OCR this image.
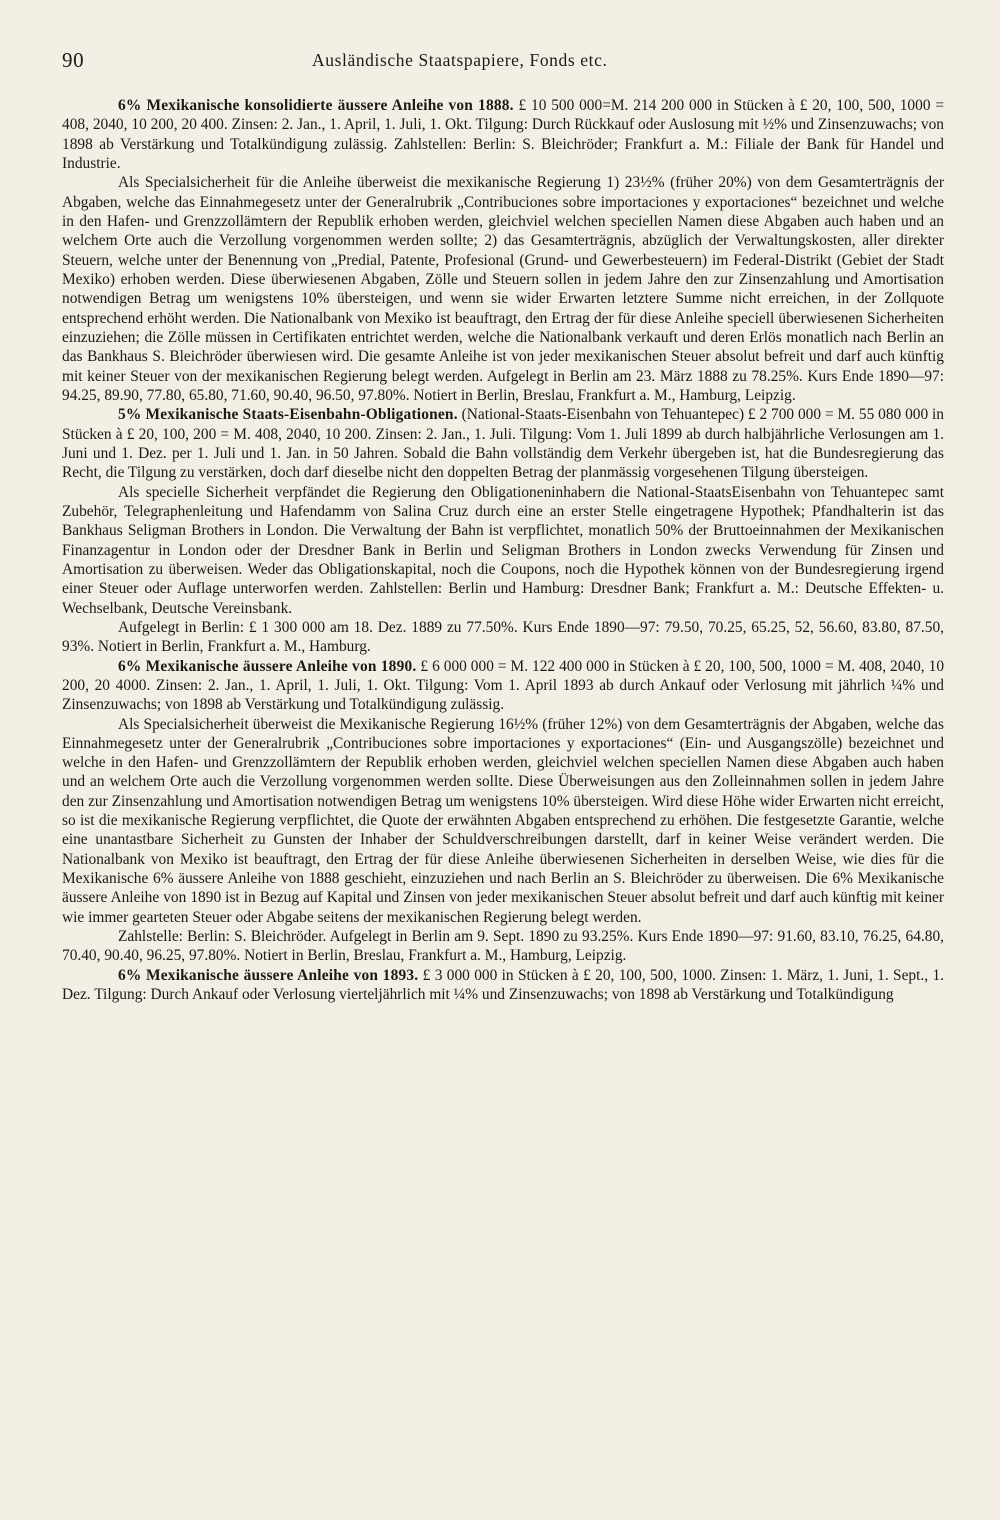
90	Ausländische Staatspapiere, Fonds etc.

6% Mexikanische konsolidierte äussere Anleihe von 1888. £ 10 500 000=M. 214 200 000 in Stücken à £ 20, 100, 500, 1000 = 408, 2040, 10 200, 20 400. Zinsen: 2. Jan., 1. April, 1. Juli, 1. Okt. Tilgung: Durch Rückkauf oder Auslosung mit ½% und Zinsenzuwachs; von 1898 ab Verstärkung und Totalkündigung zulässig. Zahlstellen: Berlin: S. Bleichröder; Frankfurt a. M.: Filiale der Bank für Handel und Industrie.

Als Specialsicherheit für die Anleihe überweist die mexikanische Regierung 1) 23½% (früher 20%) von dem Gesamterträgnis der Abgaben, welche das Einnahmegesetz unter der Generalrubrik „Contribuciones sobre importaciones y exportaciones“ bezeichnet und welche in den Hafen- und Grenzzollämtern der Republik erhoben werden, gleichviel welchen speciellen Namen diese Abgaben auch haben und an welchem Orte auch die Verzollung vorgenommen werden sollte; 2) das Gesamterträgnis, abzüglich der Verwaltungskosten, aller direkter Steuern, welche unter der Benennung von „Predial, Patente, Profesional (Grund- und Gewerbesteuern) im Federal-Distrikt (Gebiet der Stadt Mexiko) erhoben werden. Diese überwiesenen Abgaben, Zölle und Steuern sollen in jedem Jahre den zur Zinsenzahlung und Amortisation notwendigen Betrag um wenigstens 10% übersteigen, und wenn sie wider Erwarten letztere Summe nicht erreichen, in der Zollquote entsprechend erhöht werden. Die Nationalbank von Mexiko ist beauftragt, den Ertrag der für diese Anleihe speciell überwiesenen Sicherheiten einzuziehen; die Zölle müssen in Certifikaten entrichtet werden, welche die Nationalbank verkauft und deren Erlös monatlich nach Berlin an das Bankhaus S. Bleichröder überwiesen wird. Die gesamte Anleihe ist von jeder mexikanischen Steuer absolut befreit und darf auch künftig mit keiner Steuer von der mexikanischen Regierung belegt werden. Aufgelegt in Berlin am 23. März 1888 zu 78.25%. Kurs Ende 1890—97: 94.25, 89.90, 77.80, 65.80, 71.60, 90.40, 96.50, 97.80%. Notiert in Berlin, Breslau, Frankfurt a. M., Hamburg, Leipzig.

5% Mexikanische Staats-Eisenbahn-Obligationen. (National-Staats-Eisenbahn von Tehuantepec) £ 2 700 000 = M. 55 080 000 in Stücken à £ 20, 100, 200 = M. 408, 2040, 10 200. Zinsen: 2. Jan., 1. Juli. Tilgung: Vom 1. Juli 1899 ab durch halbjährliche Verlosungen am 1. Juni und 1. Dez. per 1. Juli und 1. Jan. in 50 Jahren. Sobald die Bahn vollständig dem Verkehr übergeben ist, hat die Bundesregierung das Recht, die Tilgung zu verstärken, doch darf dieselbe nicht den doppelten Betrag der planmässig vorgesehenen Tilgung übersteigen.

Als specielle Sicherheit verpfändet die Regierung den Obligationeninhabern die National-StaatsEisenbahn von Tehuantepec samt Zubehör, Telegraphenleitung und Hafendamm von Salina Cruz durch eine an erster Stelle eingetragene Hypothek; Pfandhalterin ist das Bankhaus Seligman Brothers in London. Die Verwaltung der Bahn ist verpflichtet, monatlich 50% der Bruttoeinnahmen der Mexikanischen Finanzagentur in London oder der Dresdner Bank in Berlin und Seligman Brothers in London zwecks Verwendung für Zinsen und Amortisation zu überweisen. Weder das Obligationskapital, noch die Coupons, noch die Hypothek können von der Bundesregierung irgend einer Steuer oder Auflage unterworfen werden. Zahlstellen: Berlin und Hamburg: Dresdner Bank; Frankfurt a. M.: Deutsche Effekten- u. Wechselbank, Deutsche Vereinsbank.

Aufgelegt in Berlin: £ 1 300 000 am 18. Dez. 1889 zu 77.50%. Kurs Ende 1890—97: 79.50, 70.25, 65.25, 52, 56.60, 83.80, 87.50, 93%. Notiert in Berlin, Frankfurt a. M., Hamburg.

6% Mexikanische äussere Anleihe von 1890. £ 6 000 000 = M. 122 400 000 in Stücken à £ 20, 100, 500, 1000 = M. 408, 2040, 10 200, 20 4000. Zinsen: 2. Jan., 1. April, 1. Juli, 1. Okt. Tilgung: Vom 1. April 1893 ab durch Ankauf oder Verlosung mit jährlich ¼% und Zinsenzuwachs; von 1898 ab Verstärkung und Totalkündigung zulässig.

Als Specialsicherheit überweist die Mexikanische Regierung 16½% (früher 12%) von dem Gesamterträgnis der Abgaben, welche das Einnahmegesetz unter der Generalrubrik „Contribuciones sobre importaciones y exportaciones“ (Ein- und Ausgangszölle) bezeichnet und welche in den Hafen- und Grenzzollämtern der Republik erhoben werden, gleichviel welchen speciellen Namen diese Abgaben auch haben und an welchem Orte auch die Verzollung vorgenommen werden sollte. Diese Überweisungen aus den Zolleinnahmen sollen in jedem Jahre den zur Zinsenzahlung und Amortisation notwendigen Betrag um wenigstens 10% übersteigen. Wird diese Höhe wider Erwarten nicht erreicht, so ist die mexikanische Regierung verpflichtet, die Quote der erwähnten Abgaben entsprechend zu erhöhen. Die festgesetzte Garantie, welche eine unantastbare Sicherheit zu Gunsten der Inhaber der Schuldverschreibungen darstellt, darf in keiner Weise verändert werden. Die Nationalbank von Mexiko ist beauftragt, den Ertrag der für diese Anleihe überwiesenen Sicherheiten in derselben Weise, wie dies für die Mexikanische 6% äussere Anleihe von 1888 geschieht, einzuziehen und nach Berlin an S. Bleichröder zu überweisen. Die 6% Mexikanische äussere Anleihe von 1890 ist in Bezug auf Kapital und Zinsen von jeder mexikanischen Steuer absolut befreit und darf auch künftig mit keiner wie immer gearteten Steuer oder Abgabe seitens der mexikanischen Regierung belegt werden.

Zahlstelle: Berlin: S. Bleichröder. Aufgelegt in Berlin am 9. Sept. 1890 zu 93.25%. Kurs Ende 1890—97: 91.60, 83.10, 76.25, 64.80, 70.40, 90.40, 96.25, 97.80%. Notiert in Berlin, Breslau, Frankfurt a. M., Hamburg, Leipzig.

6% Mexikanische äussere Anleihe von 1893. £ 3 000 000 in Stücken à £ 20, 100, 500, 1000. Zinsen: 1. März, 1. Juni, 1. Sept., 1. Dez. Tilgung: Durch Ankauf oder Verlosung vierteljährlich mit ¼% und Zinsenzuwachs; von 1898 ab Verstärkung und Totalkündigung
